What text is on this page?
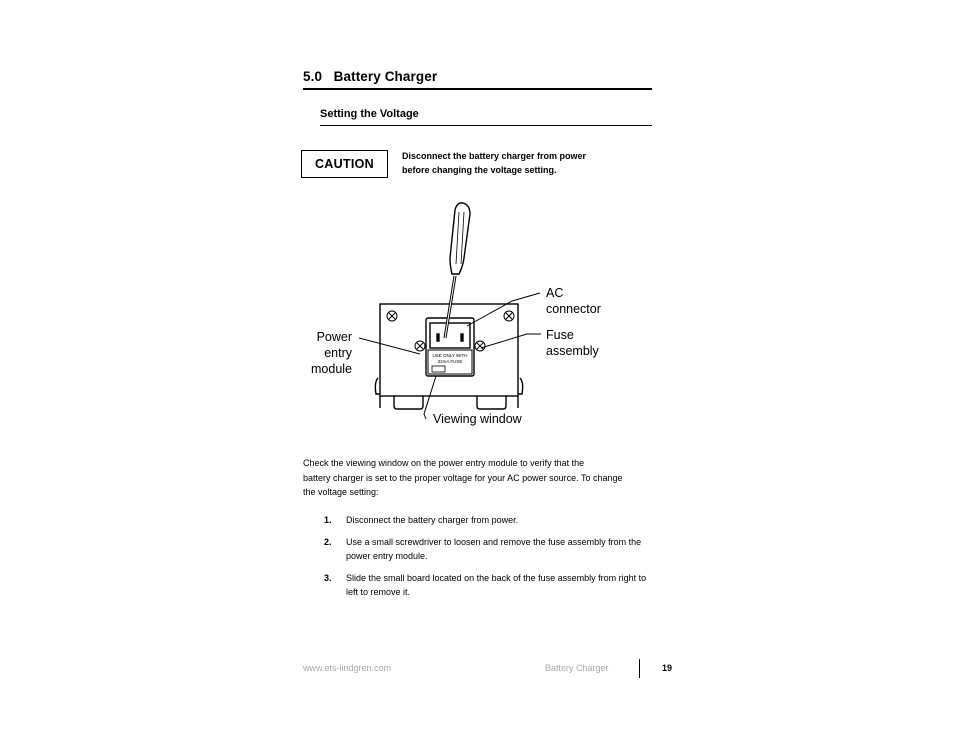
5.0 Battery Charger
Setting the Voltage
CAUTION
Disconnect the battery charger from power
before changing the voltage setting.
USE ONLY WITH
32mA FUSE
AC
connector
Fuse
assembly
Power
entry
module
Viewing window
Check the viewing window on the power entry module to verify that the
battery charger is set to the proper voltage for your AC power source. To change
the voltage setting:
1.	Disconnect the battery charger from power.
2.	Use a small screwdriver to loosen and remove the fuse assembly from the power entry module.
3.	Slide the small board located on the back of the fuse assembly from right to left to remove it.
www.ets-lindgren.com	Battery Charger	19
